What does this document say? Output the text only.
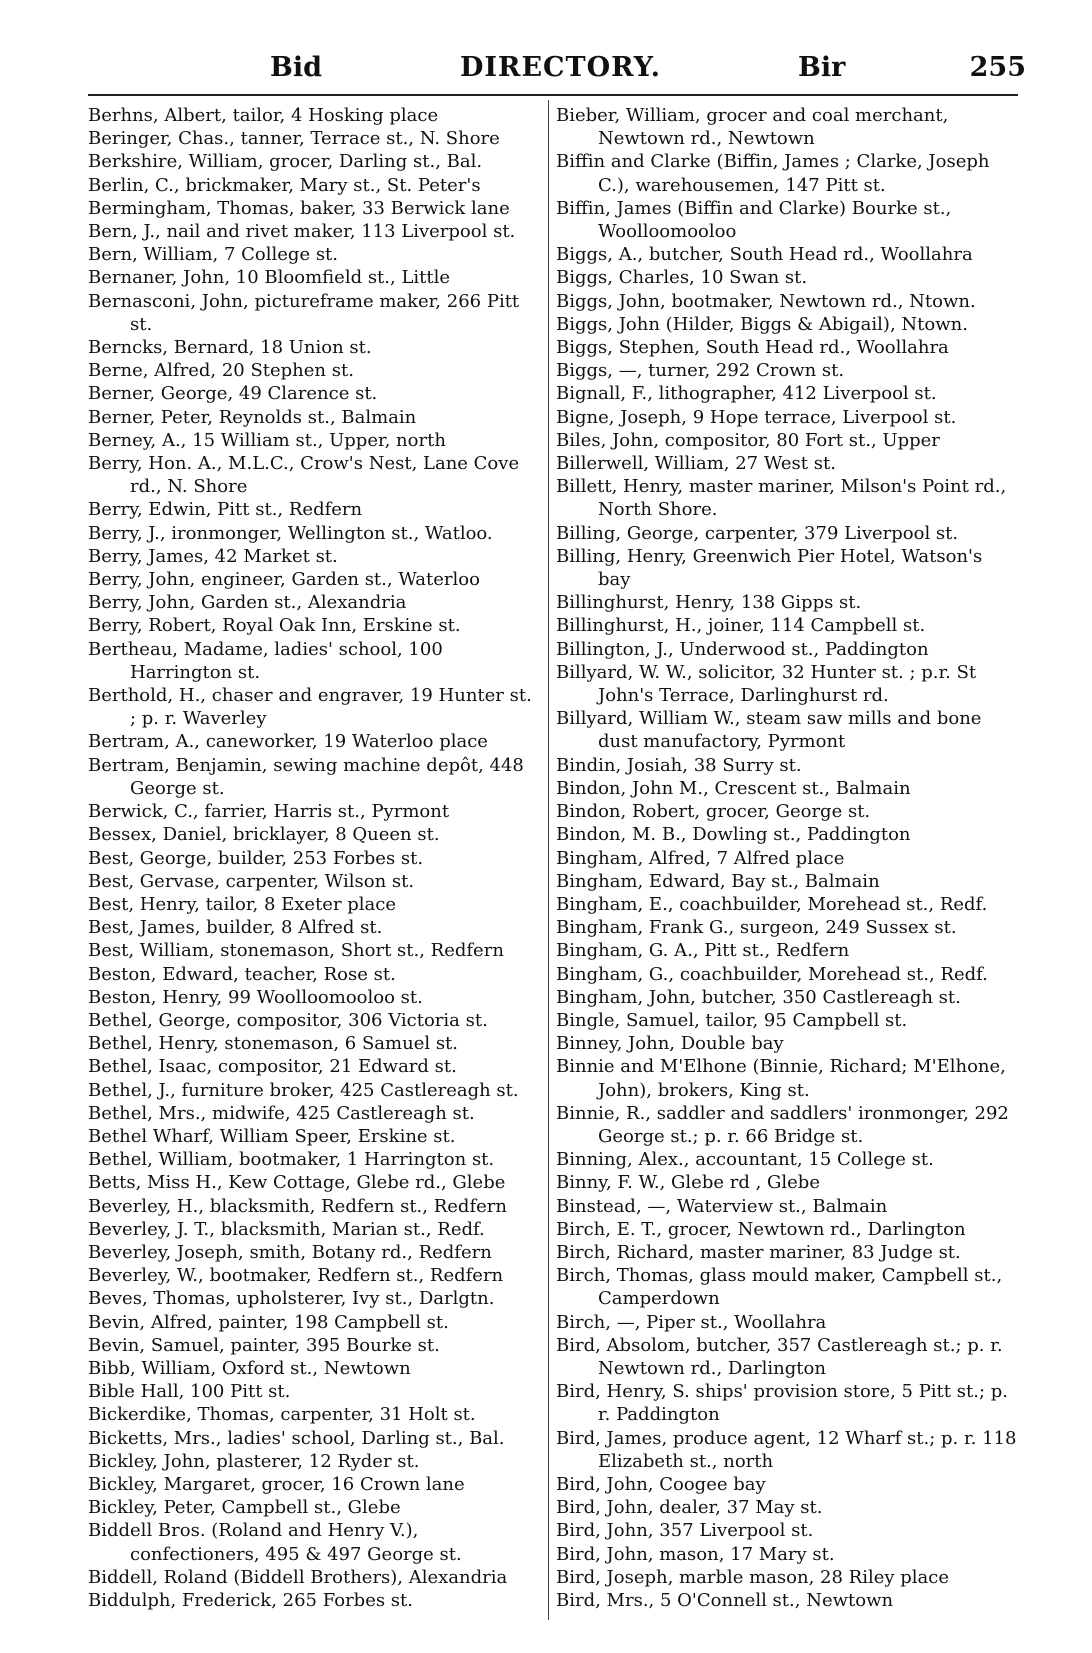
Bid	DIRECTORY.	Bir	255
Berhns, Albert, tailor, 4 Hosking place
Beringer, Chas., tanner, Terrace st., N. Shore
Berkshire, William, grocer, Darling st., Bal.
Berlin, C., brickmaker, Mary st., St. Peter's
Bermingham, Thomas, baker, 33 Berwick lane
Bern, J., nail and rivet maker, 113 Liverpool st.
Bern, William, 7 College st.
Bernaner, John, 10 Bloomfield st., Little
Bernasconi, John, pictureframe maker, 266 Pitt st.
Berncks, Bernard, 18 Union st.
Berne, Alfred, 20 Stephen st.
Berner, George, 49 Clarence st.
Berner, Peter, Reynolds st., Balmain
Berney, A., 15 William st., Upper, north
Berry, Hon. A., M.L.C., Crow's Nest, Lane Cove rd., N. Shore
Berry, Edwin, Pitt st., Redfern
Berry, J., ironmonger, Wellington st., Watloo.
Berry, James, 42 Market st.
Berry, John, engineer, Garden st., Waterloo
Berry, John, Garden st., Alexandria
Berry, Robert, Royal Oak Inn, Erskine st.
Bertheau, Madame, ladies' school, 100 Harrington st.
Berthold, H., chaser and engraver, 19 Hunter st. ; p. r. Waverley
Bertram, A., caneworker, 19 Waterloo place
Bertram, Benjamin, sewing machine depôt, 448 George st.
Berwick, C., farrier, Harris st., Pyrmont
Bessex, Daniel, bricklayer, 8 Queen st.
Best, George, builder, 253 Forbes st.
Best, Gervase, carpenter, Wilson st.
Best, Henry, tailor, 8 Exeter place
Best, James, builder, 8 Alfred st.
Best, William, stonemason, Short st., Redfern
Beston, Edward, teacher, Rose st.
Beston, Henry, 99 Woolloomooloo st.
Bethel, George, compositor, 306 Victoria st.
Bethel, Henry, stonemason, 6 Samuel st.
Bethel, Isaac, compositor, 21 Edward st.
Bethel, J., furniture broker, 425 Castlereagh st.
Bethel, Mrs., midwife, 425 Castlereagh st.
Bethel Wharf, William Speer, Erskine st.
Bethel, William, bootmaker, 1 Harrington st.
Betts, Miss H., Kew Cottage, Glebe rd., Glebe
Beverley, H., blacksmith, Redfern st., Redfern
Beverley, J. T., blacksmith, Marian st., Redf.
Beverley, Joseph, smith, Botany rd., Redfern
Beverley, W., bootmaker, Redfern st., Redfern
Beves, Thomas, upholsterer, Ivy st., Darlgtn.
Bevin, Alfred, painter, 198 Campbell st.
Bevin, Samuel, painter, 395 Bourke st.
Bibb, William, Oxford st., Newtown
Bible Hall, 100 Pitt st.
Bickerdike, Thomas, carpenter, 31 Holt st.
Bicketts, Mrs., ladies' school, Darling st., Bal.
Bickley, John, plasterer, 12 Ryder st.
Bickley, Margaret, grocer, 16 Crown lane
Bickley, Peter, Campbell st., Glebe
Biddell Bros. (Roland and Henry V.), confectioners, 495 & 497 George st.
Biddell, Roland (Biddell Brothers), Alexandria
Biddulph, Frederick, 265 Forbes st.
Bieber, William, grocer and coal merchant, Newtown rd., Newtown
Biffin and Clarke (Biffin, James ; Clarke, Joseph C.), warehousemen, 147 Pitt st.
Biffin, James (Biffin and Clarke) Bourke st., Woolloomooloo
Biggs, A., butcher, South Head rd., Woollahra
Biggs, Charles, 10 Swan st.
Biggs, John, bootmaker, Newtown rd., Ntown.
Biggs, John (Hilder, Biggs & Abigail), Ntown.
Biggs, Stephen, South Head rd., Woollahra
Biggs, —, turner, 292 Crown st.
Bignall, F., lithographer, 412 Liverpool st.
Bigne, Joseph, 9 Hope terrace, Liverpool st.
Biles, John, compositor, 80 Fort st., Upper
Billerwell, William, 27 West st.
Billett, Henry, master mariner, Milson's Point rd., North Shore.
Billing, George, carpenter, 379 Liverpool st.
Billing, Henry, Greenwich Pier Hotel, Watson's bay
Billinghurst, Henry, 138 Gipps st.
Billinghurst, H., joiner, 114 Campbell st.
Billington, J., Underwood st., Paddington
Billyard, W. W., solicitor, 32 Hunter st. ; p.r. St John's Terrace, Darlinghurst rd.
Billyard, William W., steam saw mills and bone dust manufactory, Pyrmont
Bindin, Josiah, 38 Surry st.
Bindon, John M., Crescent st., Balmain
Bindon, Robert, grocer, George st.
Bindon, M. B., Dowling st., Paddington
Bingham, Alfred, 7 Alfred place
Bingham, Edward, Bay st., Balmain
Bingham, E., coachbuilder, Morehead st., Redf.
Bingham, Frank G., surgeon, 249 Sussex st.
Bingham, G. A., Pitt st., Redfern
Bingham, G., coachbuilder, Morehead st., Redf.
Bingham, John, butcher, 350 Castlereagh st.
Bingle, Samuel, tailor, 95 Campbell st.
Binney, John, Double bay
Binnie and M'Elhone (Binnie, Richard; M'Elhone, John), brokers, King st.
Binnie, R., saddler and saddlers' ironmonger, 292 George st.; p. r. 66 Bridge st.
Binning, Alex., accountant, 15 College st.
Binny, F. W., Glebe rd , Glebe
Binstead, —, Waterview st., Balmain
Birch, E. T., grocer, Newtown rd., Darlington
Birch, Richard, master mariner, 83 Judge st.
Birch, Thomas, glass mould maker, Campbell st., Camperdown
Birch, —, Piper st., Woollahra
Bird, Absolom, butcher, 357 Castlereagh st.; p. r. Newtown rd., Darlington
Bird, Henry, S. ships' provision store, 5 Pitt st.; p. r. Paddington
Bird, James, produce agent, 12 Wharf st.; p. r. 118 Elizabeth st., north
Bird, John, Coogee bay
Bird, John, dealer, 37 May st.
Bird, John, 357 Liverpool st.
Bird, John, mason, 17 Mary st.
Bird, Joseph, marble mason, 28 Riley place
Bird, Mrs., 5 O'Connell st., Newtown
